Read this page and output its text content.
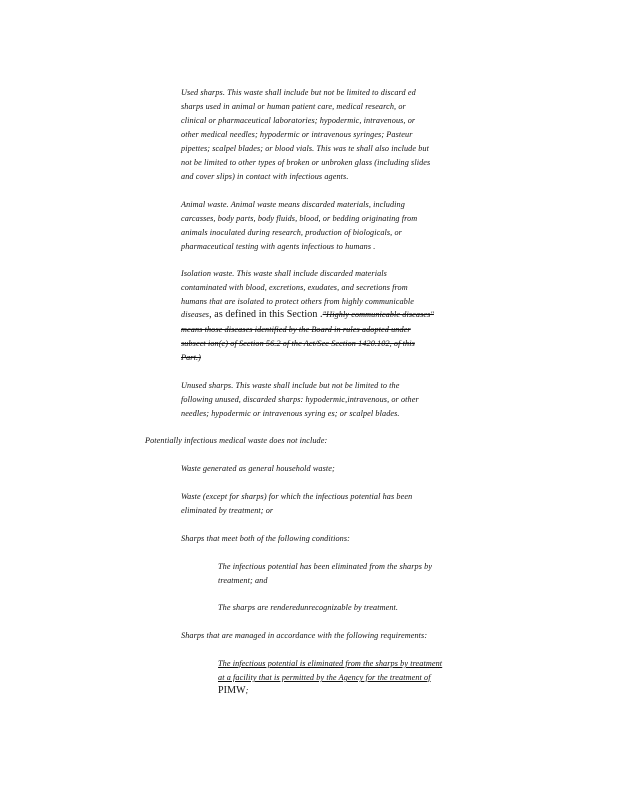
Used sharps. This waste shall include but not be limited to discard ed
sharps used in animal or human patient care, medical research, or
clinical or pharmaceutical laboratories; hypodermic, intravenous, or
other medical needles; hypodermic or intravenous syringes; Pasteur
pipettes; scalpel blades; or blood vials. This was te shall also include but
not be limited to other types of broken or unbroken glass (including slides
and cover slips) in contact with infectious agents.
Animal waste. Animal waste means discarded materials, including
carcasses, body parts, body fluids, blood, or bedding originating from
animals inoculated during research, production of biologicals, or
pharmaceutical testing with agents infectious to humans .
Isolation waste. This waste shall include discarded materials
contaminated with blood, excretions, exudates, and secretions from
humans that are isolated to protect others from highly communicable
diseases, as defined in this Section ."Highly communicable diseases"
means those diseases identified by the Board in rules adopted under
subsect ion(c) of Section 56.2 of the Act/Sec Section 1420.102, of this
Part.)
Unused sharps. This waste shall include but not be limited to the
following unused, discarded sharps: hypodermic,intravenous, or other
needles; hypodermic or intravenous syring es; or scalpel blades.
Potentially infectious medical waste does not include:
Waste generated as general household waste;
Waste (except for sharps) for which the infectious potential has been
eliminated by treatment; or
Sharps that meet both of the following conditions:
The infectious potential has been eliminated from the sharps by
treatment; and
The sharps are renderedunrecognizable by treatment.
Sharps that are managed in accordance with the following requirements:
The infectious potential is eliminated from the sharps by treatment
at a facility that is permitted by the Agency for the treatment of
PIMW;
